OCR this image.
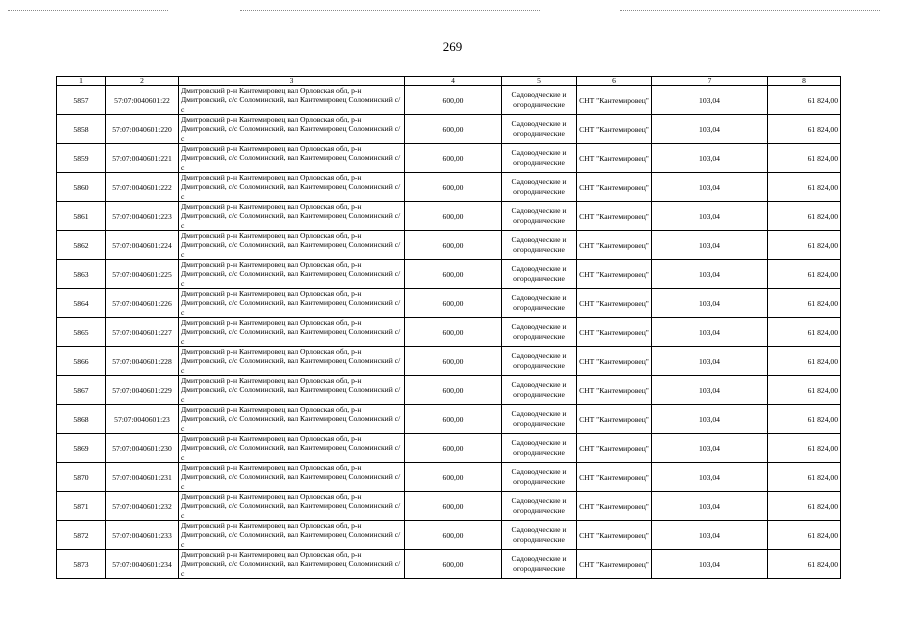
269
1	2	3	4	5	6	7	8
5857	57:07:0040601:22	Дмитровский р-н Кантемировец вал Орловская обл, р-н Дмитровский, с/с Соломинский, вал Кантемировец Соломинский с/с	600,00	Садоводческие и огороднические	СНТ "Кантемировец"	103,04	61 824,00
5858	57:07:0040601:220	Дмитровский р-н Кантемировец вал Орловская обл, р-н Дмитровский, с/с Соломинский, вал Кантемировец Соломинский с/с	600,00	Садоводческие и огороднические	СНТ "Кантемировец"	103,04	61 824,00
5859	57:07:0040601:221	Дмитровский р-н Кантемировец вал Орловская обл, р-н Дмитровский, с/с Соломинский, вал Кантемировец Соломинский с/с	600,00	Садоводческие и огороднические	СНТ "Кантемировец"	103,04	61 824,00
5860	57:07:0040601:222	Дмитровский р-н Кантемировец вал Орловская обл, р-н Дмитровский, с/с Соломинский, вал Кантемировец Соломинский с/с	600,00	Садоводческие и огороднические	СНТ "Кантемировец"	103,04	61 824,00
5861	57:07:0040601:223	Дмитровский р-н Кантемировец вал Орловская обл, р-н Дмитровский, с/с Соломинский, вал Кантемировец Соломинский с/с	600,00	Садоводческие и огороднические	СНТ "Кантемировец"	103,04	61 824,00
5862	57:07:0040601:224	Дмитровский р-н Кантемировец вал Орловская обл, р-н Дмитровский, с/с Соломинский, вал Кантемировец Соломинский с/с	600,00	Садоводческие и огороднические	СНТ "Кантемировец"	103,04	61 824,00
5863	57:07:0040601:225	Дмитровский р-н Кантемировец вал Орловская обл, р-н Дмитровский, с/с Соломинский, вал Кантемировец Соломинский с/с	600,00	Садоводческие и огороднические	СНТ "Кантемировец"	103,04	61 824,00
5864	57:07:0040601:226	Дмитровский р-н Кантемировец вал Орловская обл, р-н Дмитровский, с/с Соломинский, вал Кантемировец Соломинский с/с	600,00	Садоводческие и огороднические	СНТ "Кантемировец"	103,04	61 824,00
5865	57:07:0040601:227	Дмитровский р-н Кантемировец вал Орловская обл, р-н Дмитровский, с/с Соломинский, вал Кантемировец Соломинский с/с	600,00	Садоводческие и огороднические	СНТ "Кантемировец"	103,04	61 824,00
5866	57:07:0040601:228	Дмитровский р-н Кантемировец вал Орловская обл, р-н Дмитровский, с/с Соломинский, вал Кантемировец Соломинский с/с	600,00	Садоводческие и огороднические	СНТ "Кантемировец"	103,04	61 824,00
5867	57:07:0040601:229	Дмитровский р-н Кантемировец вал Орловская обл, р-н Дмитровский, с/с Соломинский, вал Кантемировец Соломинский с/с	600,00	Садоводческие и огороднические	СНТ "Кантемировец"	103,04	61 824,00
5868	57:07:0040601:23	Дмитровский р-н Кантемировец вал Орловская обл, р-н Дмитровский, с/с Соломинский, вал Кантемировец Соломинский с/с	600,00	Садоводческие и огороднические	СНТ "Кантемировец"	103,04	61 824,00
5869	57:07:0040601:230	Дмитровский р-н Кантемировец вал Орловская обл, р-н Дмитровский, с/с Соломинский, вал Кантемировец Соломинский с/с	600,00	Садоводческие и огороднические	СНТ "Кантемировец"	103,04	61 824,00
5870	57:07:0040601:231	Дмитровский р-н Кантемировец вал Орловская обл, р-н Дмитровский, с/с Соломинский, вал Кантемировец Соломинский с/с	600,00	Садоводческие и огороднические	СНТ "Кантемировец"	103,04	61 824,00
5871	57:07:0040601:232	Дмитровский р-н Кантемировец вал Орловская обл, р-н Дмитровский, с/с Соломинский, вал Кантемировец Соломинский с/с	600,00	Садоводческие и огороднические	СНТ "Кантемировец"	103,04	61 824,00
5872	57:07:0040601:233	Дмитровский р-н Кантемировец вал Орловская обл, р-н Дмитровский, с/с Соломинский, вал Кантемировец Соломинский с/с	600,00	Садоводческие и огороднические	СНТ "Кантемировец"	103,04	61 824,00
5873	57:07:0040601:234	Дмитровский р-н Кантемировец вал Орловская обл, р-н Дмитровский, с/с Соломинский, вал Кантемировец Соломинский с/с	600,00	Садоводческие и огороднические	СНТ "Кантемировец"	103,04	61 824,00
